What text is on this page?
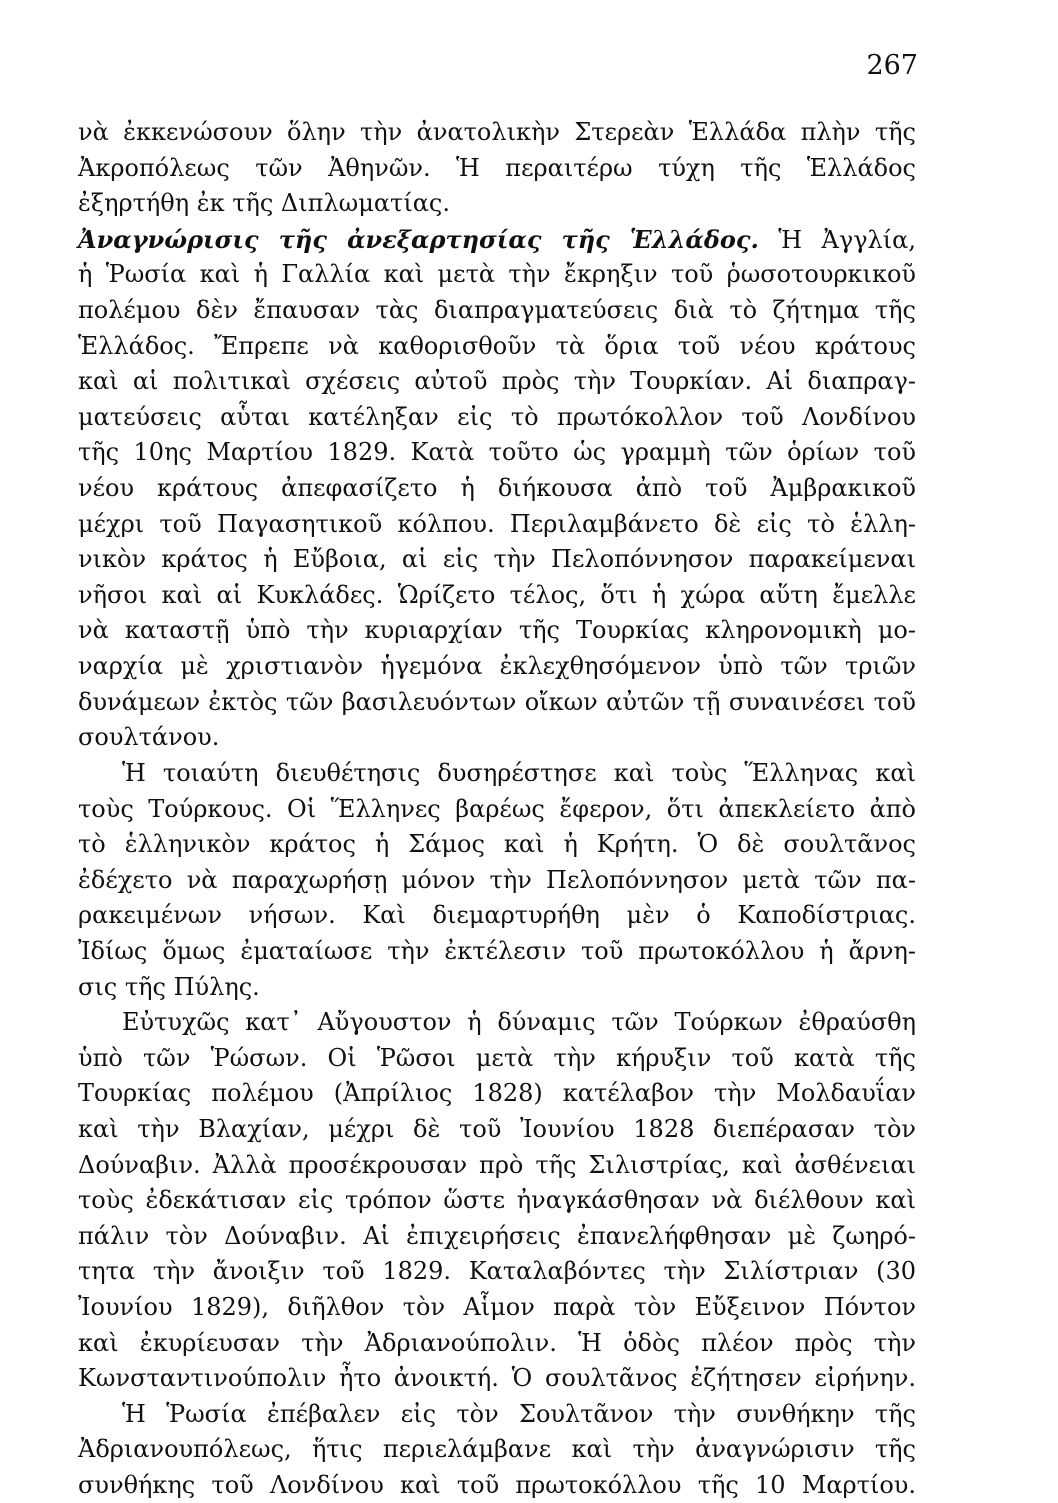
267
νὰ ἐκκενώσουν ὅλην τὴν ἀνατολικὴν Στερεὰν Ἑλλάδα πλὴν τῆς
Ἀκροπόλεως τῶν Ἀθηνῶν. Ἡ περαιτέρω τύχη τῆς Ἑλλάδος
ἐξηρτήθη ἐκ τῆς Διπλωματίας.
Ἀναγνώρισις τῆς ἀνεξαρτησίας τῆς Ἑλλάδος. Ἡ Ἀγγλία,
ἡ Ῥωσία καὶ ἡ Γαλλία καὶ μετὰ τὴν ἔκρηξιν τοῦ ῥωσοτουρκικοῦ
πολέμου δὲν ἔπαυσαν τὰς διαπραγματεύσεις διὰ τὸ ζήτημα τῆς
Ἑλλάδος. Ἔπρεπε νὰ καθορισθοῦν τὰ ὅρια τοῦ νέου κράτους
καὶ αἱ πολιτικαὶ σχέσεις αὐτοῦ πρὸς τὴν Τουρκίαν. Αἱ διαπραγ-
ματεύσεις αὗται κατέληξαν εἰς τὸ πρωτόκολλον τοῦ Λονδίνου
τῆς 10ης Μαρτίου 1829. Κατὰ τοῦτο ὡς γραμμὴ τῶν ὁρίων τοῦ
νέου κράτους ἀπεφασίζετο ἡ διήκουσα ἀπὸ τοῦ Ἀμβρακικοῦ
μέχρι τοῦ Παγασητικοῦ κόλπου. Περιλαμβάνετο δὲ εἰς τὸ ἑλλη-
νικὸν κράτος ἡ Εὔβοια, αἱ εἰς τὴν Πελοπόννησον παρακείμεναι
νῆσοι καὶ αἱ Κυκλάδες. Ὡρίζετο τέλος, ὅτι ἡ χώρα αὕτη ἔμελλε
νὰ καταστῇ ὑπὸ τὴν κυριαρχίαν τῆς Τουρκίας κληρονομικὴ μο-
ναρχία μὲ χριστιανὸν ἡγεμόνα ἐκλεχθησόμενον ὑπὸ τῶν τριῶν
δυνάμεων ἐκτὸς τῶν βασιλευόντων οἴκων αὐτῶν τῇ συναινέσει τοῦ
σουλτάνου.
Ἡ τοιαύτη διευθέτησις δυσηρέστησε καὶ τοὺς Ἕλληνας καὶ
τοὺς Τούρκους. Οἱ Ἕλληνες βαρέως ἔφερον, ὅτι ἀπεκλείετο ἀπὸ
τὸ ἑλληνικὸν κράτος ἡ Σάμος καὶ ἡ Κρήτη. Ὁ δὲ σουλτᾶνος
ἐδέχετο νὰ παραχωρήσῃ μόνον τὴν Πελοπόννησον μετὰ τῶν πα-
ρακειμένων νήσων. Καὶ διεμαρτυρήθη μὲν ὁ Καποδίστριας.
Ἰδίως ὅμως ἐματαίωσε τὴν ἐκτέλεσιν τοῦ πρωτοκόλλου ἡ ἄρνη-
σις τῆς Πύλης.
Εὐτυχῶς κατ᾽ Αὔγουστον ἡ δύναμις τῶν Τούρκων ἐθραύσθη
ὑπὸ τῶν Ῥώσων. Οἱ Ῥῶσοι μετὰ τὴν κήρυξιν τοῦ κατὰ τῆς
Τουρκίας πολέμου (Ἀπρίλιος 1828) κατέλαβον τὴν Μολδαυΐαν
καὶ τὴν Βλαχίαν, μέχρι δὲ τοῦ Ἰουνίου 1828 διεπέρασαν τὸν
Δούναβιν. Ἀλλὰ προσέκρουσαν πρὸ τῆς Σιλιστρίας, καὶ ἀσθένειαι
τοὺς ἐδεκάτισαν εἰς τρόπον ὥστε ἠναγκάσθησαν νὰ διέλθουν καὶ
πάλιν τὸν Δούναβιν. Αἱ ἐπιχειρήσεις ἐπανελήφθησαν μὲ ζωηρό-
τητα τὴν ἄνοιξιν τοῦ 1829. Καταλαβόντες τὴν Σιλίστριαν (30
Ἰουνίου 1829), διῆλθον τὸν Αἷμον παρὰ τὸν Εὔξεινον Πόντον
καὶ ἐκυρίευσαν τὴν Ἀδριανούπολιν. Ἡ ὁδὸς πλέον πρὸς τὴν
Κωνσταντινούπολιν ἦτο ἀνοικτή. Ὁ σουλτᾶνος ἐζήτησεν εἰρήνην.
Ἡ Ῥωσία ἐπέβαλεν εἰς τὸν Σουλτᾶνον τὴν συνθήκην τῆς
Ἀδριανουπόλεως, ἥτις περιελάμβανε καὶ τὴν ἀναγνώρισιν τῆς
συνθήκης τοῦ Λονδίνου καὶ τοῦ πρωτοκόλλου τῆς 10 Μαρτίου.
